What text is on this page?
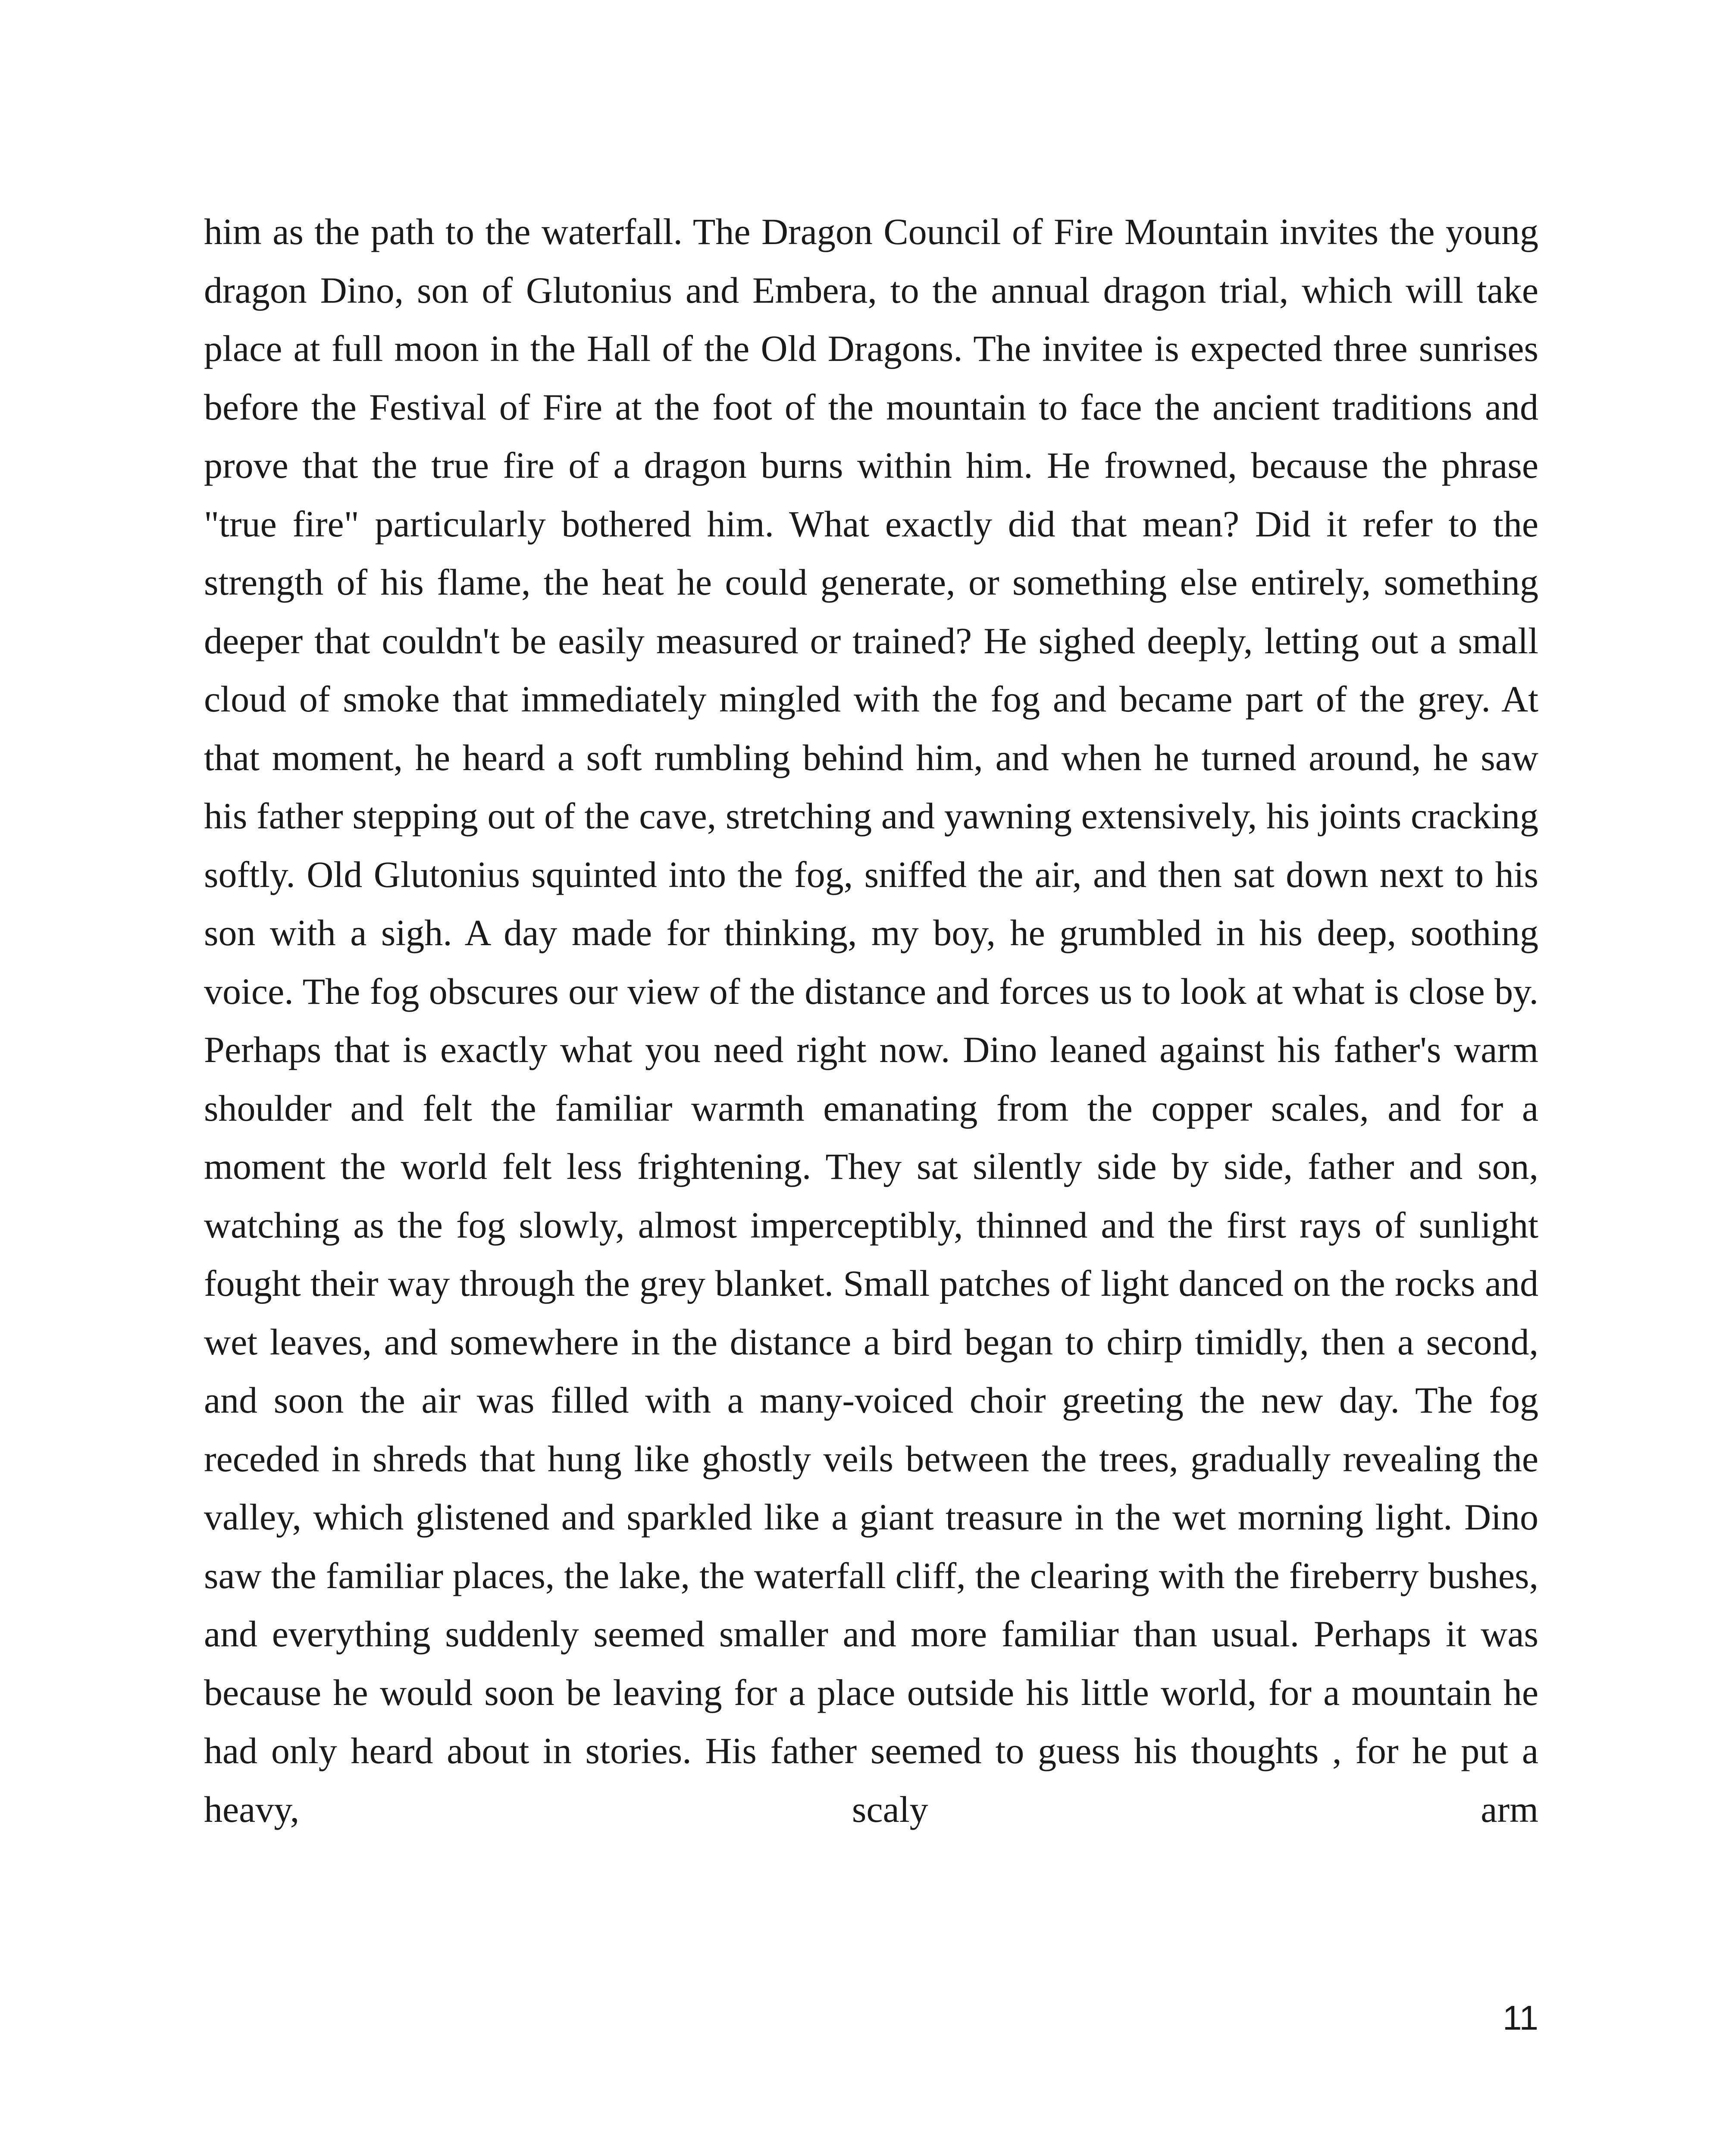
him as the path to the waterfall. The Dragon Council of Fire Mountain invites the young dragon Dino, son of Glutonius and Embera, to the annual dragon trial, which will take place at full moon in the Hall of the Old Dragons. The invitee is expected three sunrises before the Festival of Fire at the foot of the mountain to face the ancient traditions and prove that the true fire of a dragon burns within him. He frowned, because the phrase "true fire" particularly bothered him. What exactly did that mean? Did it refer to the strength of his flame, the heat he could generate, or something else entirely, something deeper that couldn't be easily measured or trained? He sighed deeply, letting out a small cloud of smoke that immediately mingled with the fog and became part of the grey. At that moment, he heard a soft rumbling behind him, and when he turned around, he saw his father stepping out of the cave, stretching and yawning extensively, his joints cracking softly. Old Glutonius squinted into the fog, sniffed the air, and then sat down next to his son with a sigh. A day made for thinking, my boy, he grumbled in his deep, soothing voice. The fog obscures our view of the distance and forces us to look at what is close by. Perhaps that is exactly what you need right now. Dino leaned against his father's warm shoulder and felt the familiar warmth emanating from the copper scales, and for a moment the world felt less frightening. They sat silently side by side, father and son, watching as the fog slowly, almost imperceptibly, thinned and the first rays of sunlight fought their way through the grey blanket. Small patches of light danced on the rocks and wet leaves, and somewhere in the distance a bird began to chirp timidly, then a second, and soon the air was filled with a many-voiced choir greeting the new day. The fog receded in shreds that hung like ghostly veils between the trees, gradually revealing the valley, which glistened and sparkled like a giant treasure in the wet morning light. Dino saw the familiar places, the lake, the waterfall cliff, the clearing with the fireberry bushes, and everything suddenly seemed smaller and more familiar than usual. Perhaps it was because he would soon be leaving for a place outside his little world, for a mountain he had only heard about in stories. His father seemed to guess his thoughts , for he put a heavy, scaly arm

11
